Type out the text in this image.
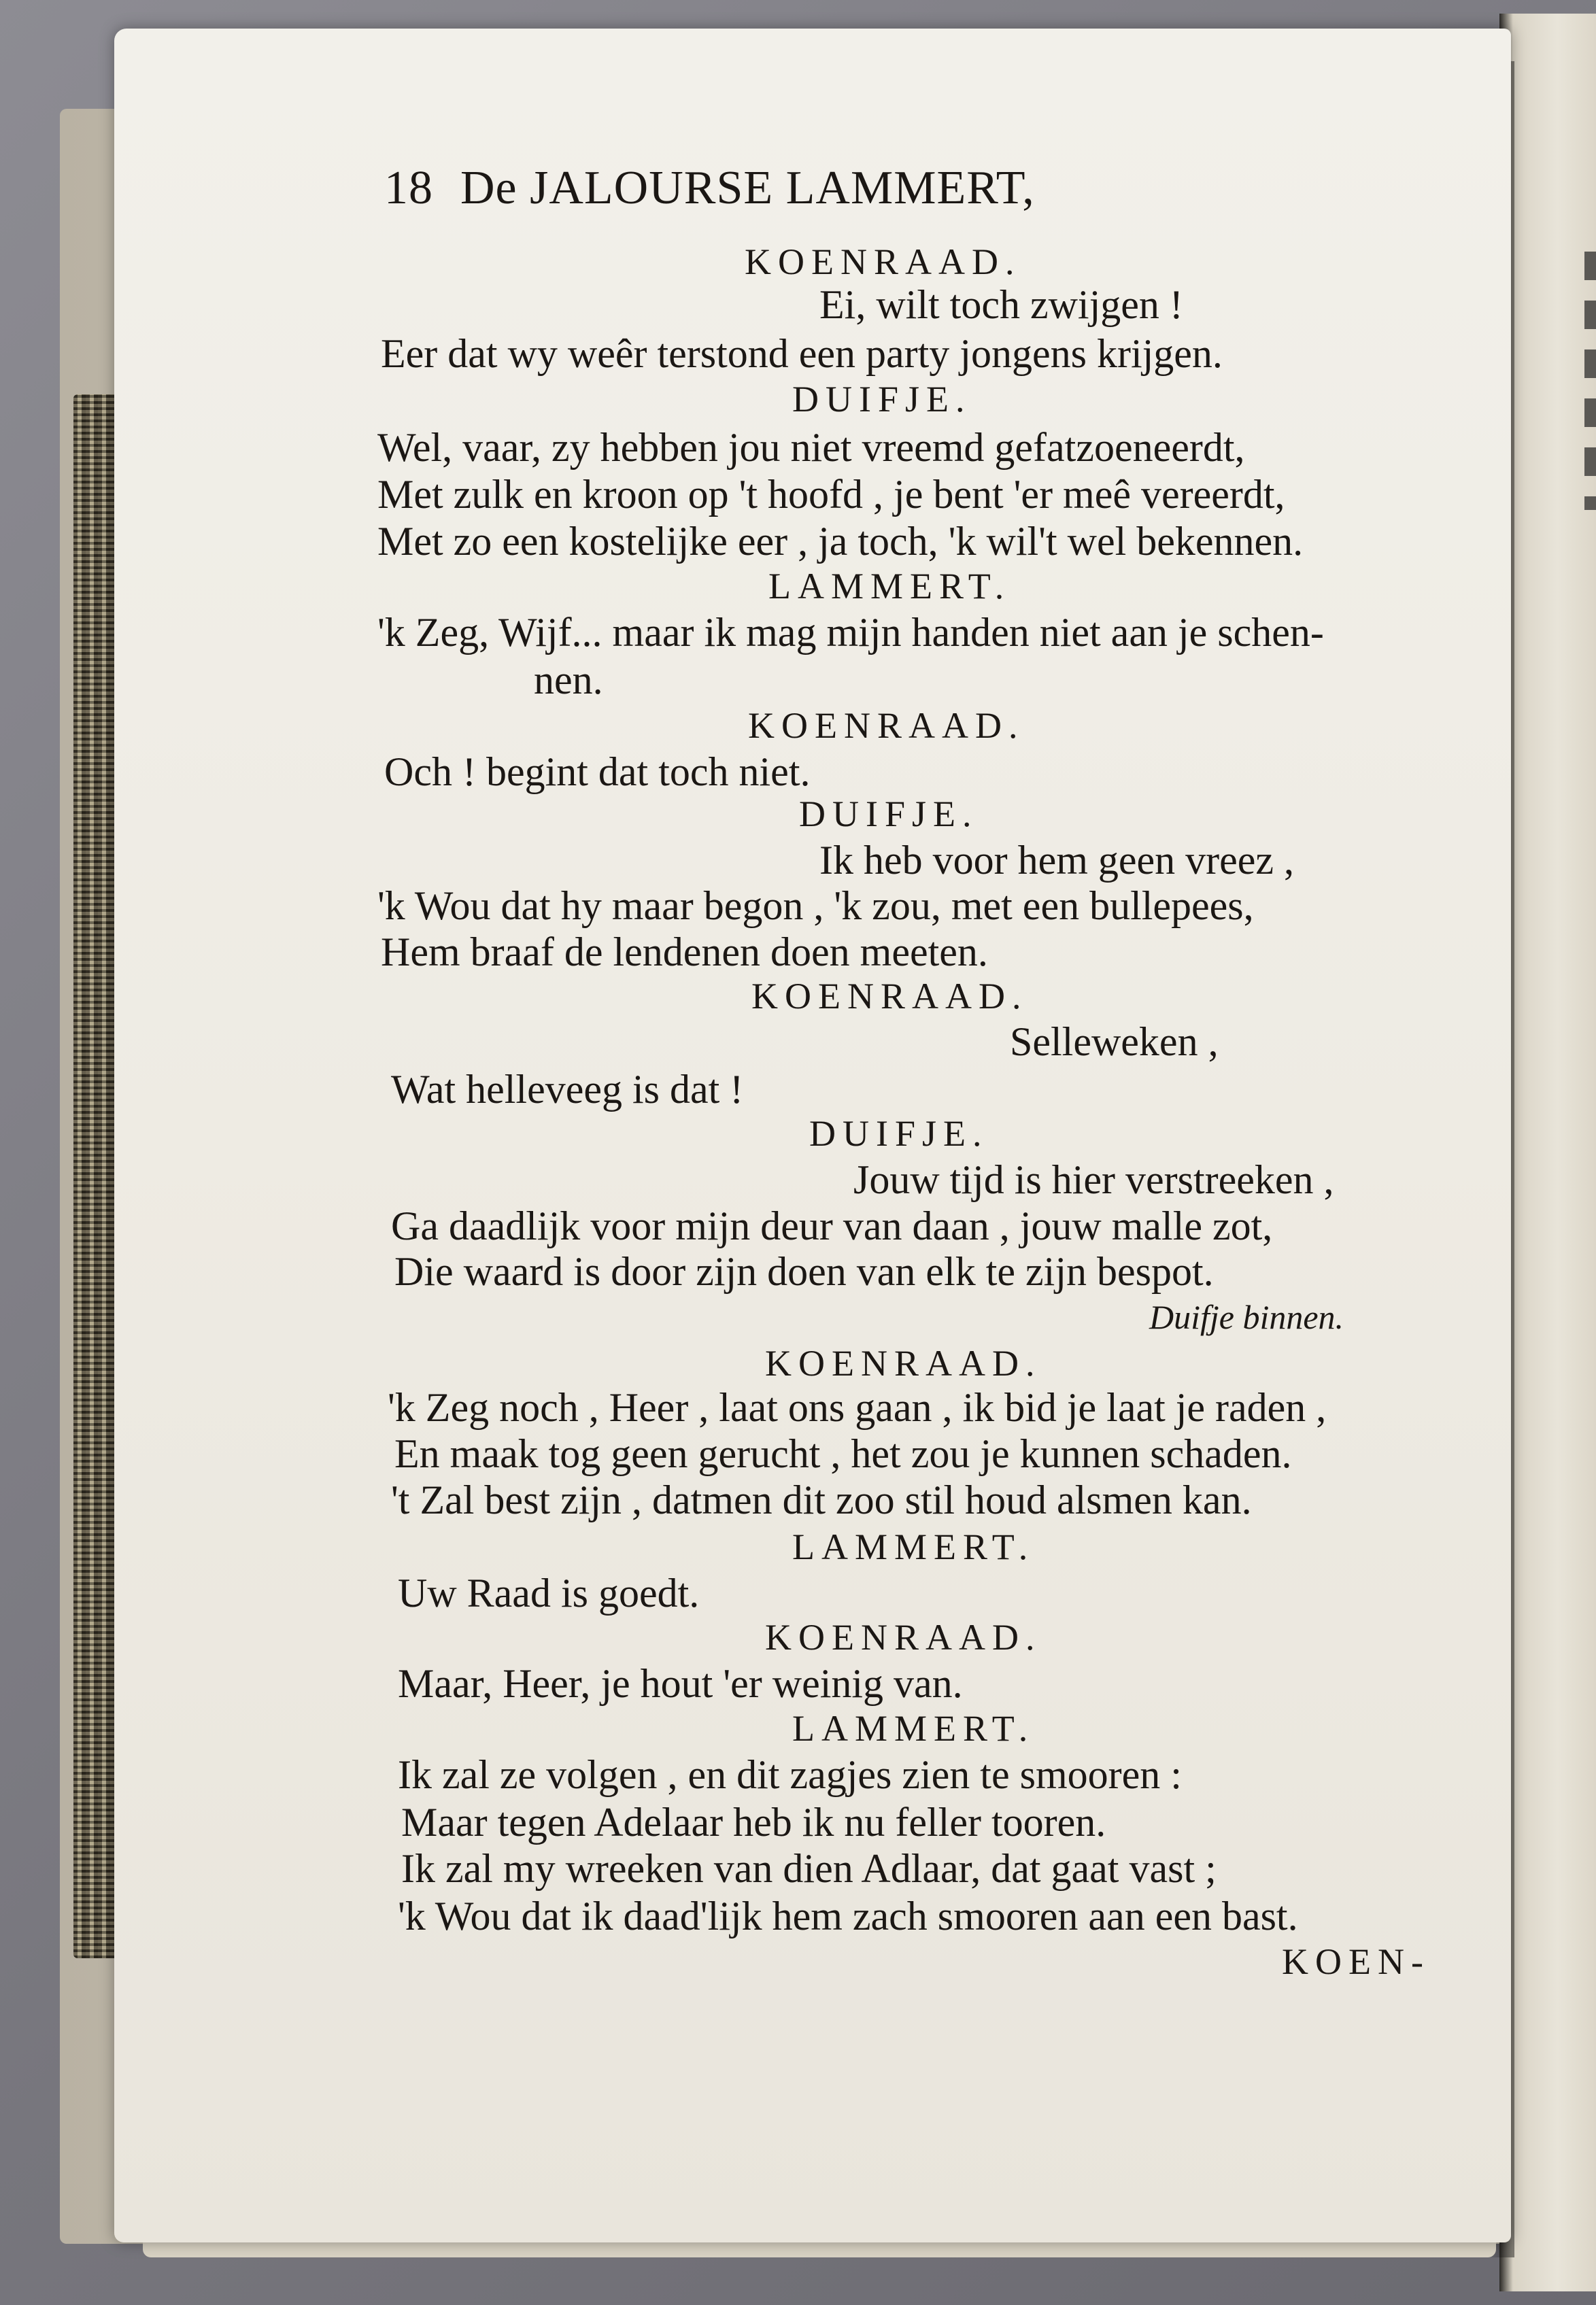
18 De JALOURSE LAMMERT,
KOENRAAD.
Ei, wilt toch zwijgen !
Eer dat wy weêr terstond een party jongens krijgen.
DUIFJE.
Wel, vaar, zy hebben jou niet vreemd gefatzoeneerdt,
Met zulk en kroon op 't hoofd , je bent 'er meê vereerdt,
Met zo een kostelijke eer , ja toch, 'k wil't wel bekennen.
LAMMERT.
'k Zeg, Wijf... maar ik mag mijn handen niet aan je schen-
nen.
KOENRAAD.
Och ! begint dat toch niet.
DUIFJE.
Ik heb voor hem geen vreez ,
'k Wou dat hy maar begon , 'k zou, met een bullepees,
Hem braaf de lendenen doen meeten.
KOENRAAD.
Selleweken ,
Wat helleveeg is dat !
DUIFJE.
Jouw tijd is hier verstreeken ,
Ga daadlijk voor mijn deur van daan , jouw malle zot,
Die waard is door zijn doen van elk te zijn bespot.
Duifje binnen.
KOENRAAD.
'k Zeg noch , Heer , laat ons gaan , ik bid je laat je raden ,
En maak tog geen gerucht , het zou je kunnen schaden.
't Zal best zijn , datmen dit zoo stil houd alsmen kan.
LAMMERT.
Uw Raad is goedt.
KOENRAAD.
Maar, Heer, je hout 'er weinig van.
LAMMERT.
Ik zal ze volgen , en dit zagjes zien te smooren :
Maar tegen Adelaar heb ik nu feller tooren.
Ik zal my wreeken van dien Adlaar, dat gaat vast ;
'k Wou dat ik daad'lijk hem zach smooren aan een bast.
KOEN-
